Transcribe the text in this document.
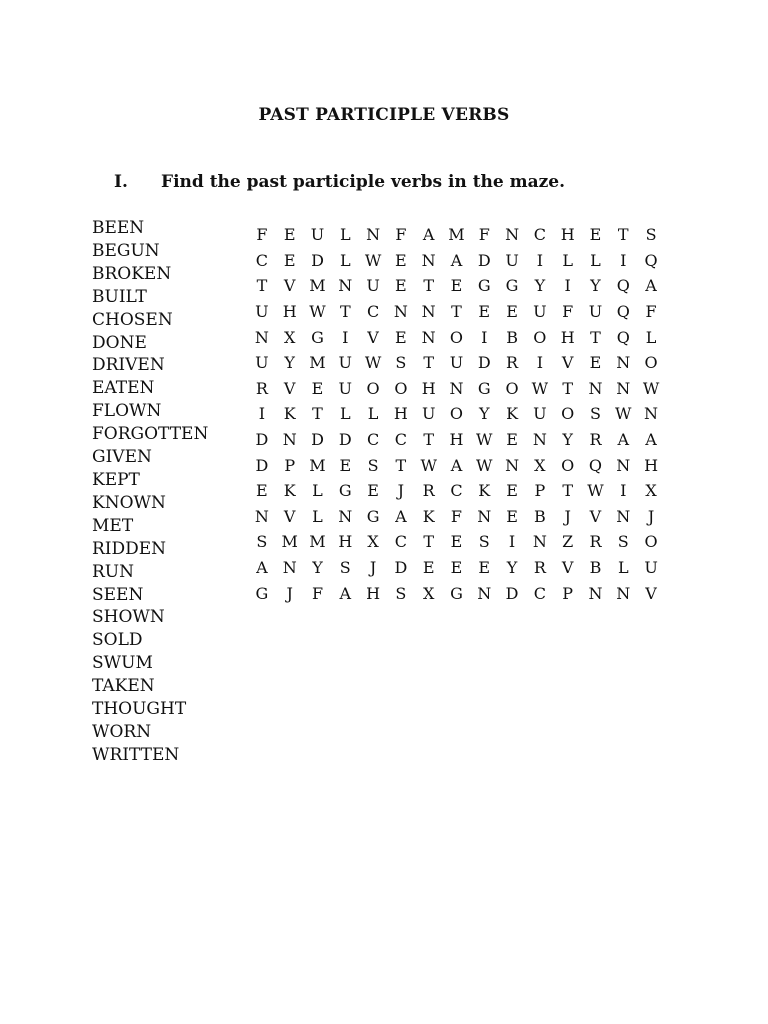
PAST PARTICIPLE VERBS
I. Find the past participle verbs in the maze.
BEEN
BEGUN
BROKEN
BUILT
CHOSEN
DONE
DRIVEN
EATEN
FLOWN
FORGOTTEN
GIVEN
KEPT
KNOWN
MET
RIDDEN
RUN
SEEN
SHOWN
SOLD
SWUM
TAKEN
THOUGHT
WORN
WRITTEN
F	E U L N F	A M F N C H E	T	S
C E D	L W E N A D U	I	L	L	I	Q
T	V M N U E	T	E G G	Y	I	Y Q A
U H W T	C N N T	E	E U F U Q F
N X G	I	V	E N O	I	B O H T Q L
U Y M U W S	T U D R	I	V	E N O
R V	E U O O H N G O W T N N W
I	K	T	L	L H U O Y	K U O S W N
D N D D C C	T H W E N Y	R A	A
D	P M E	S	T W A W N X O Q N H
E K	L	G E	J	R C K E	P	T W	I	X
N V	L N G A	K	F N E	B	J	V N	J
S M M H X C	T	E	S	I	N Z	R	S O
A N Y	S	J	D E	E	E	Y	R V	B	L U
G	J	F	A H S	X G N D C	P N N V
